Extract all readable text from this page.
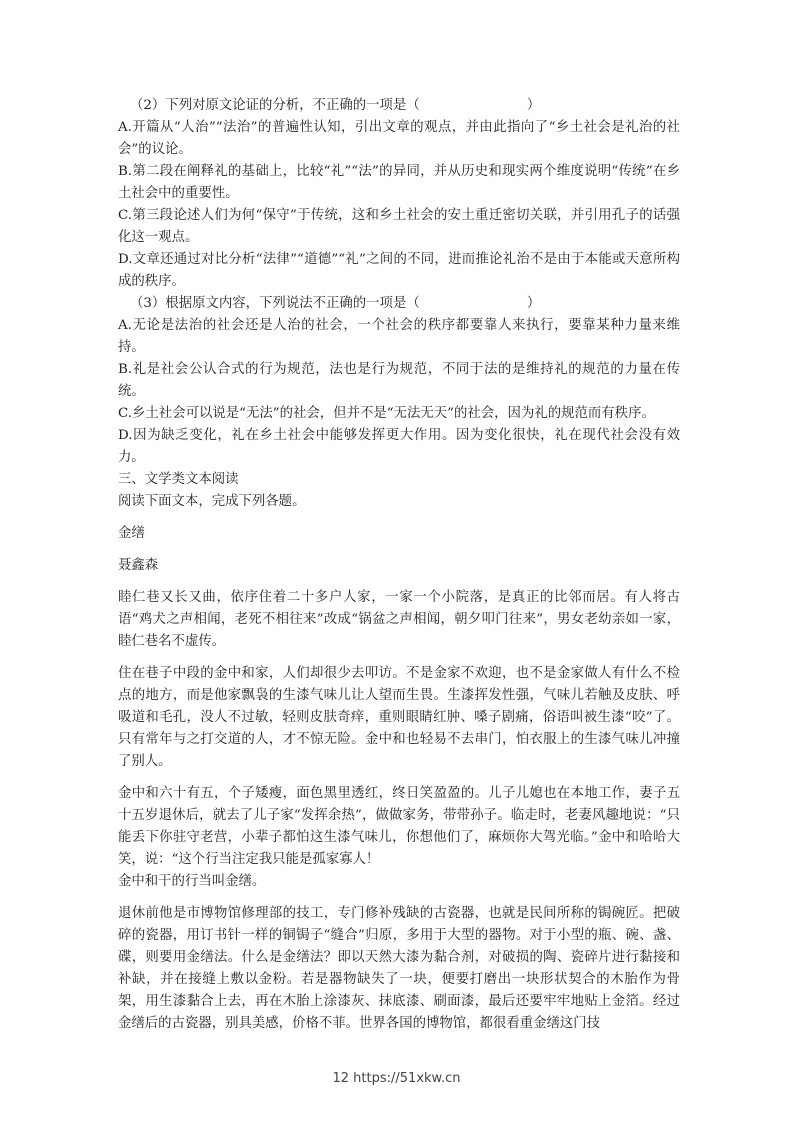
（2）下列对原文论证的分析，不正确的一项是（　　　　　　　　）

A.开篇从“人治”“法治”的普遍性认知，引出文章的观点，并由此指向了“乡土社会是礼治的社会”的议论。

B.第二段在阐释礼的基础上，比较“礼”“法”的异同，并从历史和现实两个维度说明“传统”在乡土社会中的重要性。

C.第三段论述人们为何“保守”于传统，这和乡土社会的安土重迁密切关联，并引用孔子的话强化这一观点。

D.文章还通过对比分析“法律”“道德”“礼”之间的不同，进而推论礼治不是由于本能或天意所构成的秩序。

（3）根据原文内容，下列说法不正确的一项是（　　　　　　　　）

A.无论是法治的社会还是人治的社会，一个社会的秩序都要靠人来执行，要靠某种力量来维持。

B.礼是社会公认合式的行为规范，法也是行为规范，不同于法的是维持礼的规范的力量在传统。

C.乡土社会可以说是“无法”的社会，但并不是“无法无天”的社会，因为礼的规范而有秩序。

D.因为缺乏变化，礼在乡土社会中能够发挥更大作用。因为变化很快，礼在现代社会没有效力。

三、文学类文本阅读

阅读下面文本，完成下列各题。

金缮

聂鑫森

睦仁巷又长又曲，依序住着二十多户人家，一家一个小院落，是真正的比邻而居。有人将古语“鸡犬之声相闻，老死不相往来”改成“锅盆之声相闻，朝夕叩门往来”，男女老幼亲如一家，睦仁巷名不虚传。

住在巷子中段的金中和家，人们却很少去叩访。不是金家不欢迎，也不是金家做人有什么不检点的地方，而是他家飘袅的生漆气味儿让人望而生畏。生漆挥发性强，气味儿若触及皮肤、呼吸道和毛孔，没人不过敏，轻则皮肤奇痒，重则眼睛红肿、嗓子剧痛，俗语叫被生漆“咬”了。只有常年与之打交道的人，才不惊无险。金中和也轻易不去串门，怕衣服上的生漆气味儿冲撞了别人。

金中和六十有五，个子矮瘦，面色黑里透红，终日笑盈盈的。儿子儿媳也在本地工作，妻子五十五岁退休后，就去了儿子家“发挥余热”，做做家务，带带孙子。临走时，老妻风趣地说：“只能丢下你驻守老营，小辈子都怕这生漆气味儿，你想他们了，麻烦你大驾光临。”金中和哈哈大笑，说：“这个行当注定我只能是孤家寡人！

金中和干的行当叫金缮。

退休前他是市博物馆修理部的技工，专门修补残缺的古瓷器，也就是民间所称的锔碗匠。把破碎的瓷器，用订书针一样的铜锔子“缝合”归原，多用于大型的器物。对于小型的瓶、碗、盏、碟，则要用金缮法。什么是金缮法？即以天然大漆为黏合剂，对破损的陶、瓷碎片进行黏接和补缺，并在接缝上敷以金粉。若是器物缺失了一块，便要打磨出一块形状契合的木胎作为骨架，用生漆黏合上去，再在木胎上涂漆灰、抹底漆、刷面漆，最后还要牢牢地贴上金箔。经过金缮后的古瓷器，别具美感，价格不菲。世界各国的博物馆，都很看重金缮这门技

12 https://51xkw.cn
